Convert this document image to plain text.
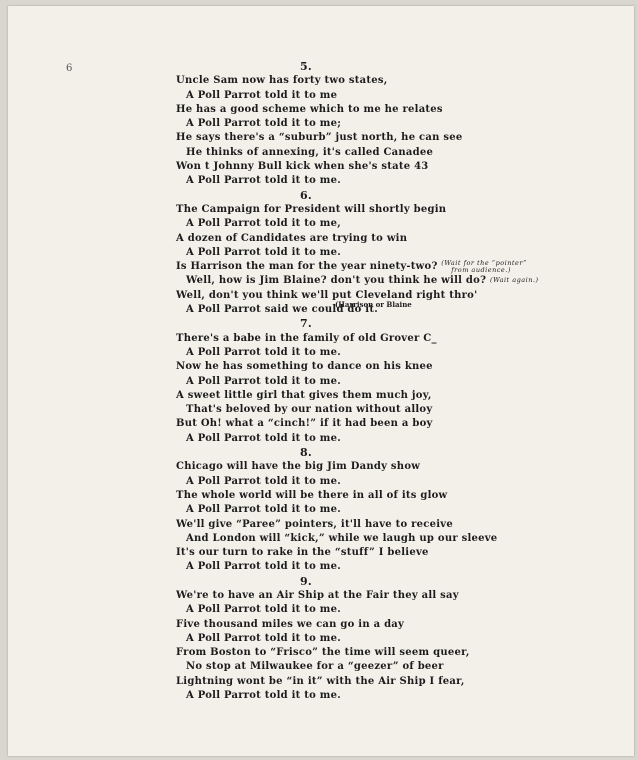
6	5.
Uncle Sam now has forty two states,
A Poll Parrot told it to me
He has a good scheme which to me he relates
A Poll Parrot told it to me;
He says there's a “suburb” just north, he can see
He thinks of annexing, it's called Canadee
Won t Johnny Bull kick when she's state 43
A Poll Parrot told it to me.
6.
The Campaign for President will shortly begin
A Poll Parrot told it to me,
A dozen of Candidates are trying to win
A Poll Parrot told it to me.
Is Harrison the man for the year ninety-two? (Wait for the “pointer”
from audience.)
Well, how is Jim Blaine? don't you think he will do? (Wait again.)
Well, don't you think we'll put Cleveland right thro'
(Harrison or Blaine
A Poll Parrot said we could do it.
7.
There's a babe in the family of old Grover C_
A Poll Parrot told it to me.
Now he has something to dance on his knee
A Poll Parrot told it to me.
A sweet little girl that gives them much joy,
That's beloved by our nation without alloy
But Oh! what a “cinch!” if it had been a boy
A Poll Parrot told it to me.
8.
Chicago will have the big Jim Dandy show
A Poll Parrot told it to me.
The whole world will be there in all of its glow
A Poll Parrot told it to me.
We'll give “Paree” pointers, it'll have to receive
And London will “kick,” while we laugh up our sleeve
It's our turn to rake in the “stuff” I believe
A Poll Parrot told it to me.
9.
We're to have an Air Ship at the Fair they all say
A Poll Parrot told it to me.
Five thousand miles we can go in a day
A Poll Parrot told it to me.
From Boston to “Frisco” the time will seem queer,
No stop at Milwaukee for a “geezer” of beer
Lightning wont be “in it” with the Air Ship I fear,
A Poll Parrot told it to me.
